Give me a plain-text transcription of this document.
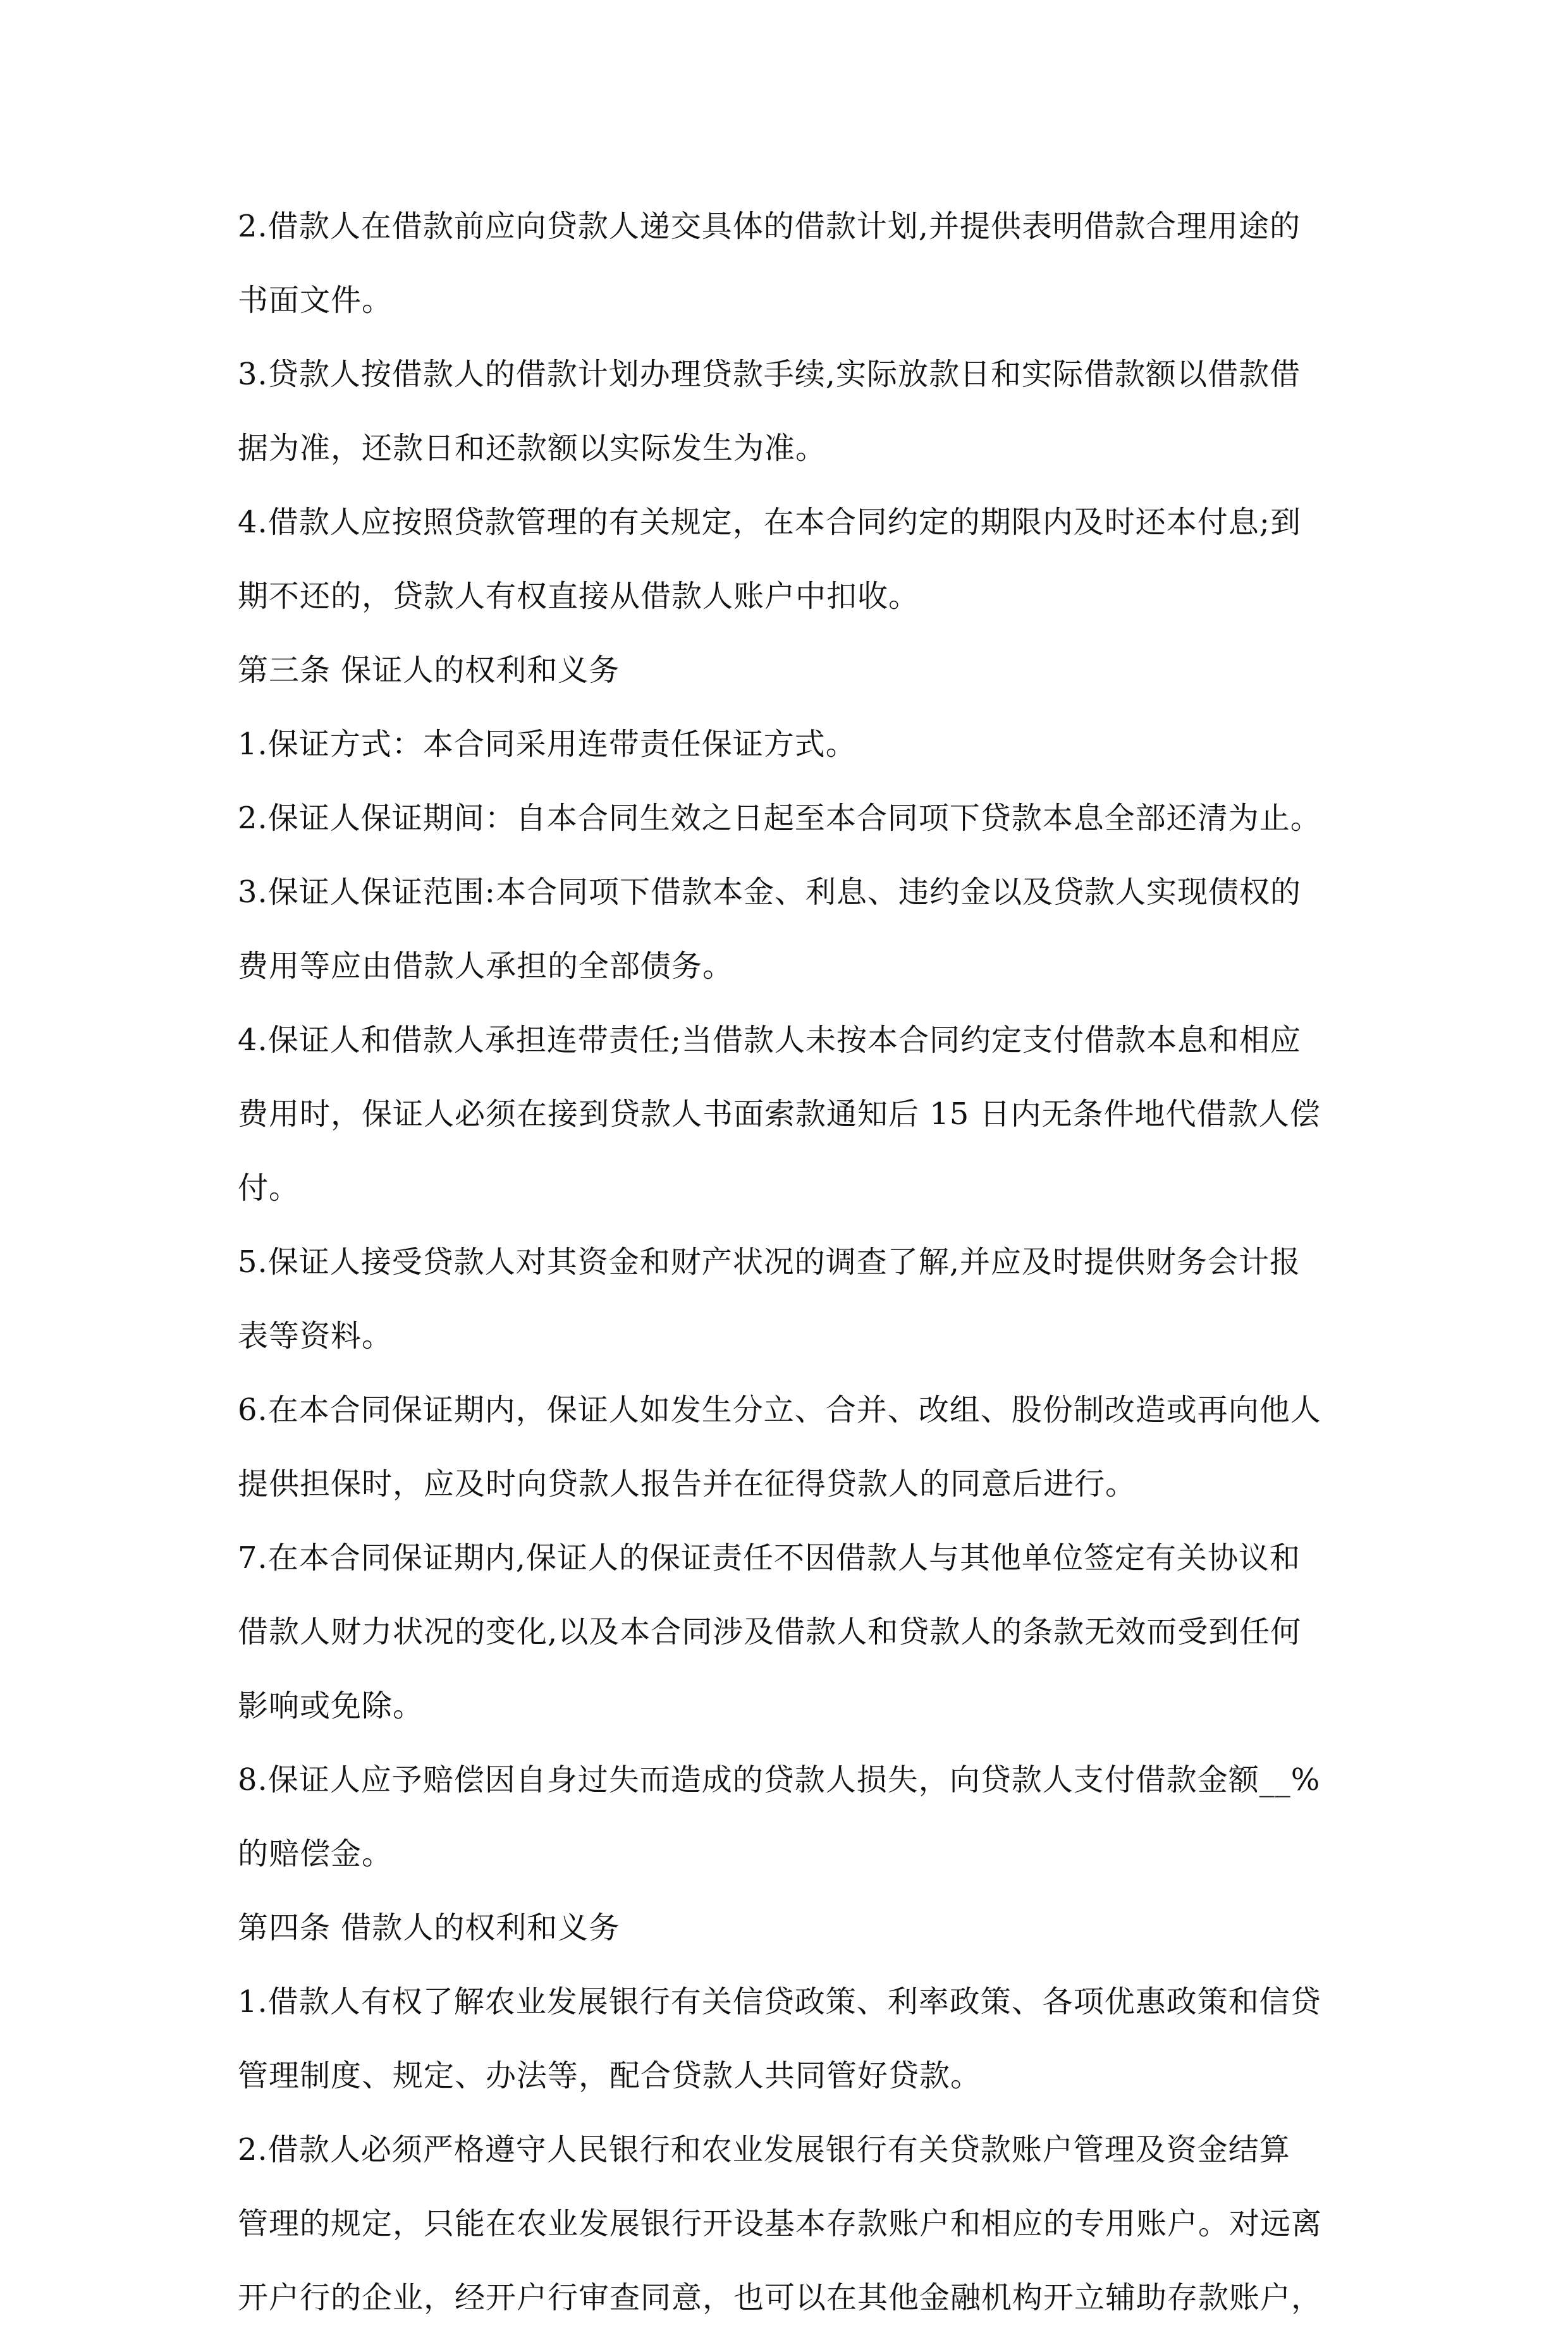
2.借款人在借款前应向贷款人递交具体的借款计划,并提供表明借款合理用途的
书面文件。
3.贷款人按借款人的借款计划办理贷款手续,实际放款日和实际借款额以借款借
据为准，还款日和还款额以实际发生为准。
4.借款人应按照贷款管理的有关规定，在本合同约定的期限内及时还本付息;到
期不还的，贷款人有权直接从借款人账户中扣收。
第三条 保证人的权利和义务
1.保证方式：本合同采用连带责任保证方式。
2.保证人保证期间：自本合同生效之日起至本合同项下贷款本息全部还清为止。
3.保证人保证范围:本合同项下借款本金、利息、违约金以及贷款人实现债权的
费用等应由借款人承担的全部债务。
4.保证人和借款人承担连带责任;当借款人未按本合同约定支付借款本息和相应
费用时，保证人必须在接到贷款人书面索款通知后 15 日内无条件地代借款人偿
付。
5.保证人接受贷款人对其资金和财产状况的调查了解,并应及时提供财务会计报
表等资料。
6.在本合同保证期内，保证人如发生分立、合并、改组、股份制改造或再向他人
提供担保时，应及时向贷款人报告并在征得贷款人的同意后进行。
7.在本合同保证期内,保证人的保证责任不因借款人与其他单位签定有关协议和
借款人财力状况的变化,以及本合同涉及借款人和贷款人的条款无效而受到任何
影响或免除。
8.保证人应予赔偿因自身过失而造成的贷款人损失，向贷款人支付借款金额__%
的赔偿金。
第四条 借款人的权利和义务
1.借款人有权了解农业发展银行有关信贷政策、利率政策、各项优惠政策和信贷
管理制度、规定、办法等，配合贷款人共同管好贷款。
2.借款人必须严格遵守人民银行和农业发展银行有关贷款账户管理及资金结算
管理的规定，只能在农业发展银行开设基本存款账户和相应的专用账户。对远离
开户行的企业，经开户行审查同意，也可以在其他金融机构开立辅助存款账户，
